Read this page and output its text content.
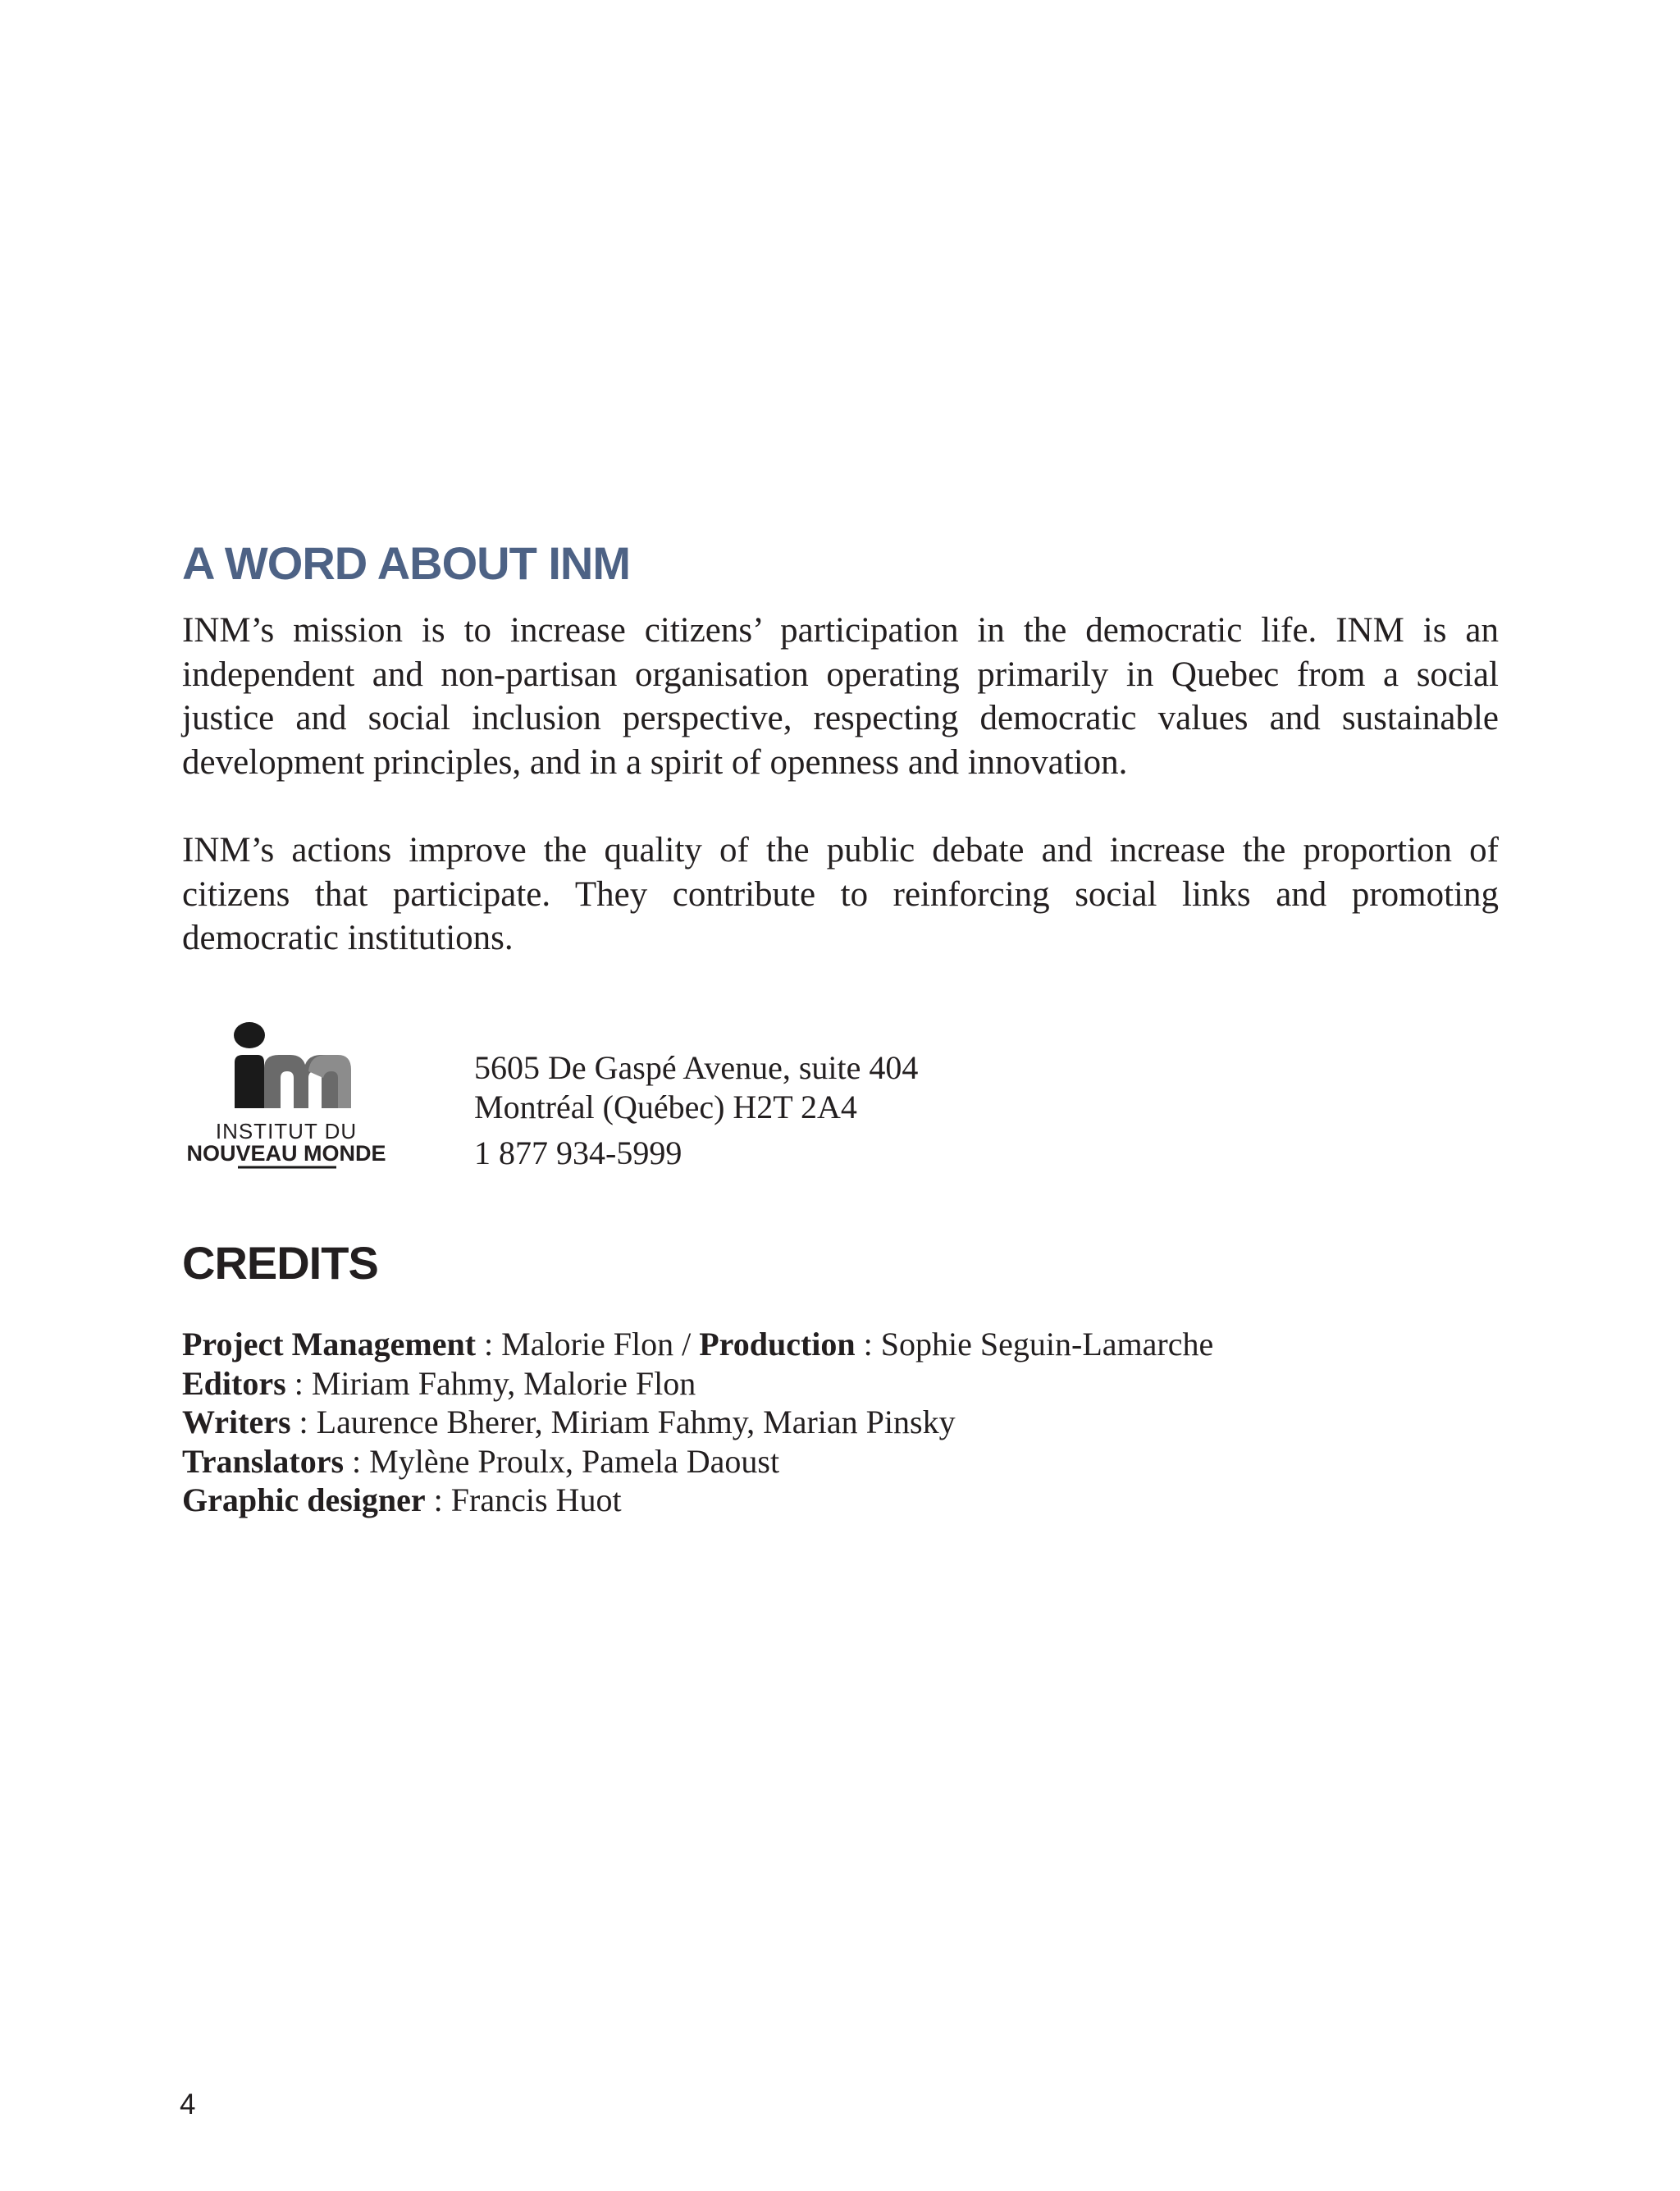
A WORD ABOUT INM

INM’s mission is to increase citizens’ participation in the democratic life. INM is an independent and non-partisan organisation operating primarily in Quebec from a social justice and social inclusion perspective, respecting democratic values and sustainable development principles, and in a spirit of openness and innovation.

INM’s actions improve the quality of the public debate and increase the proportion of citizens that participate. They contribute to reinforcing social links and promoting democratic institutions.

INSTITUT DU
NOUVEAU MONDE
5605 De Gaspé Avenue, suite 404
Montréal (Québec) H2T 2A4
1 877 934-5999
CREDITS
Project Management : Malorie Flon / Production : Sophie Seguin-Lamarche
Editors : Miriam Fahmy, Malorie Flon
Writers : Laurence Bherer, Miriam Fahmy, Marian Pinsky
Translators : Mylène Proulx, Pamela Daoust
Graphic designer : Francis Huot
4
